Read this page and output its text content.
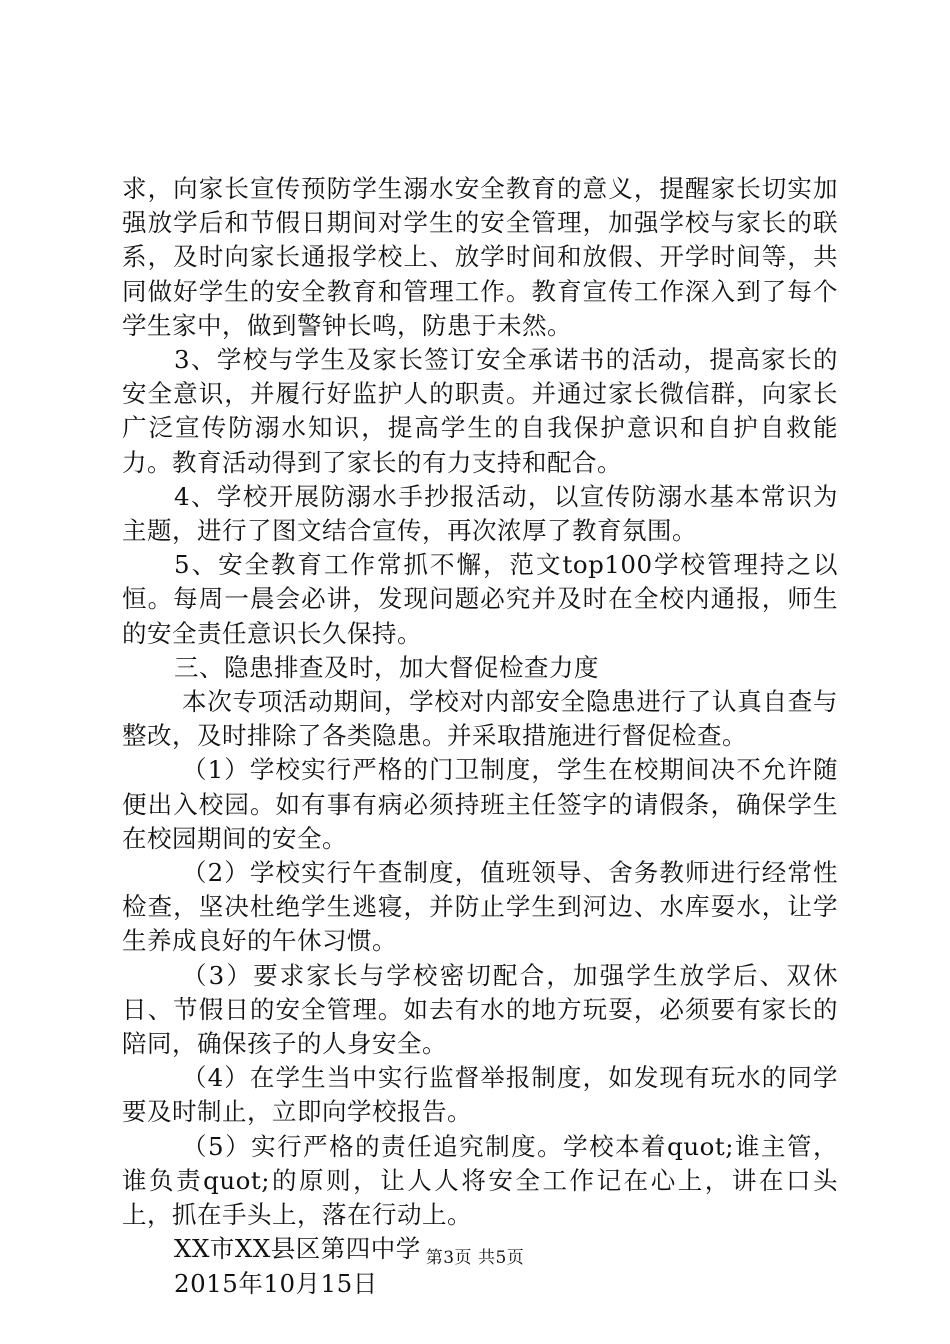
求，向家长宣传预防学生溺水安全教育的意义，提醒家长切实加强放学后和节假日期间对学生的安全管理，加强学校与家长的联系，及时向家长通报学校上、放学时间和放假、开学时间等，共同做好学生的安全教育和管理工作。教育宣传工作深入到了每个学生家中，做到警钟长鸣，防患于未然。

3、学校与学生及家长签订安全承诺书的活动，提高家长的安全意识，并履行好监护人的职责。并通过家长微信群，向家长广泛宣传防溺水知识，提高学生的自我保护意识和自护自救能力。教育活动得到了家长的有力支持和配合。

4、学校开展防溺水手抄报活动，以宣传防溺水基本常识为主题，进行了图文结合宣传，再次浓厚了教育氛围。

5、安全教育工作常抓不懈，范文top100学校管理持之以恒。每周一晨会必讲，发现问题必究并及时在全校内通报，师生的安全责任意识长久保持。

三、隐患排查及时，加大督促检查力度

本次专项活动期间，学校对内部安全隐患进行了认真自查与整改，及时排除了各类隐患。并采取措施进行督促检查。

（1）学校实行严格的门卫制度，学生在校期间决不允许随便出入校园。如有事有病必须持班主任签字的请假条，确保学生在校园期间的安全。

（2）学校实行午查制度，值班领导、舍务教师进行经常性检查，坚决杜绝学生逃寝，并防止学生到河边、水库耍水，让学生养成良好的午休习惯。

（3）要求家长与学校密切配合，加强学生放学后、双休日、节假日的安全管理。如去有水的地方玩耍，必须要有家长的陪同，确保孩子的人身安全。

（4）在学生当中实行监督举报制度，如发现有玩水的同学要及时制止，立即向学校报告。

（5）实行严格的责任追究制度。学校本着quot;谁主管，谁负责quot;的原则，让人人将安全工作记在心上，讲在口头上，抓在手头上，落在行动上。

XX市XX县区第四中学

2015年10月15日

第3页 共5页
